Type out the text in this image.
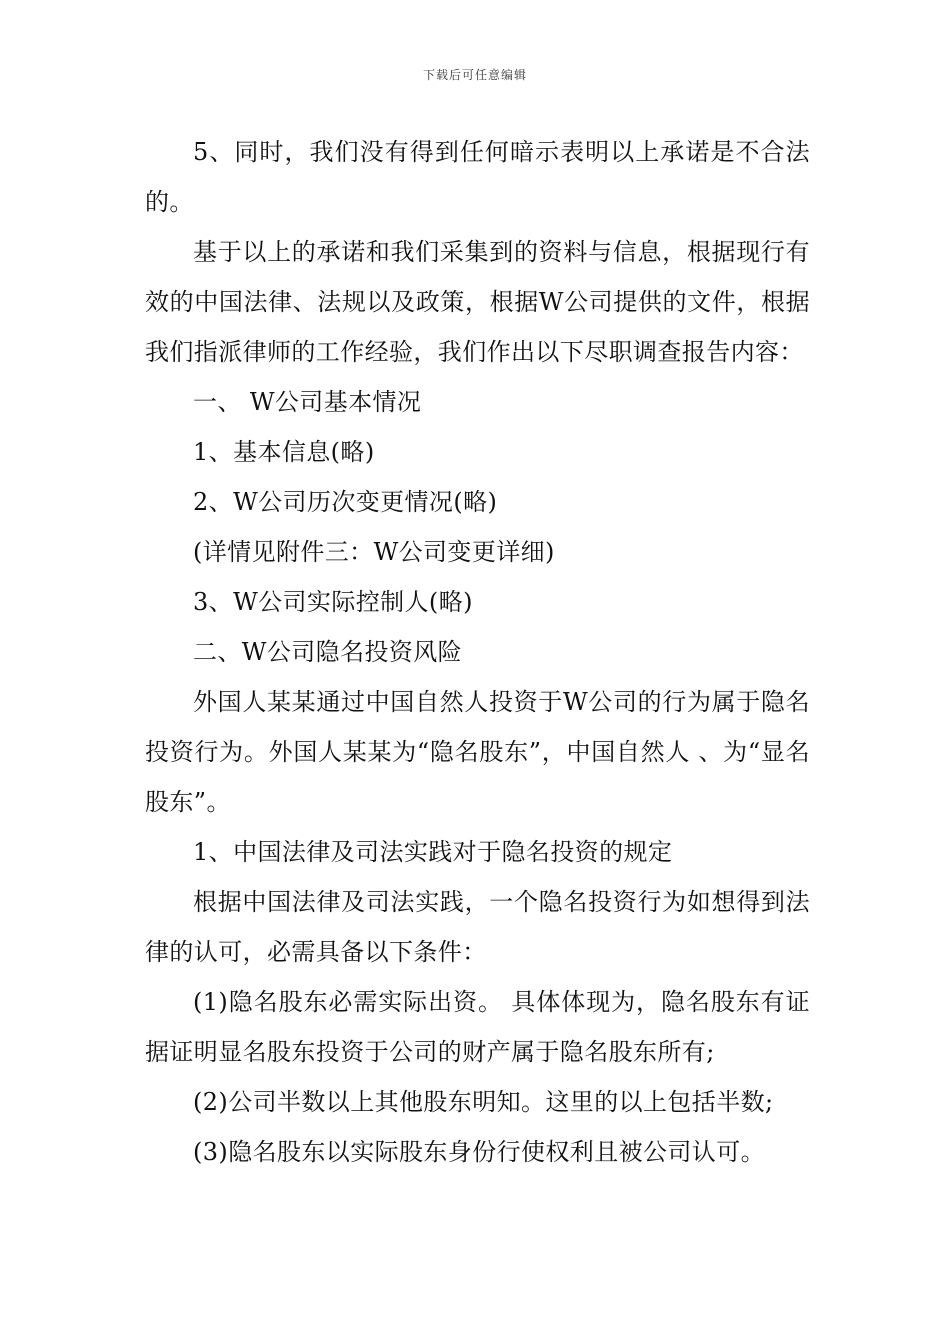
下载后可任意编辑

5、同时，我们没有得到任何暗示表明以上承诺是不合法的。

基于以上的承诺和我们采集到的资料与信息，根据现行有效的中国法律、法规以及政策，根据W公司提供的文件，根据我们指派律师的工作经验，我们作出以下尽职调查报告内容：

一、 W公司基本情况

1、基本信息(略)

2、W公司历次变更情况(略)

(详情见附件三：W公司变更详细)

3、W公司实际控制人(略)

二、W公司隐名投资风险

外国人某某通过中国自然人投资于W公司的行为属于隐名投资行为。外国人某某为“隐名股东”，中国自然人 、为“显名股东”。

1、中国法律及司法实践对于隐名投资的规定

根据中国法律及司法实践，一个隐名投资行为如想得到法律的认可，必需具备以下条件：

(1)隐名股东必需实际出资。 具体体现为，隐名股东有证据证明显名股东投资于公司的财产属于隐名股东所有;

(2)公司半数以上其他股东明知。这里的以上包括半数;

(3)隐名股东以实际股东身份行使权利且被公司认可。
